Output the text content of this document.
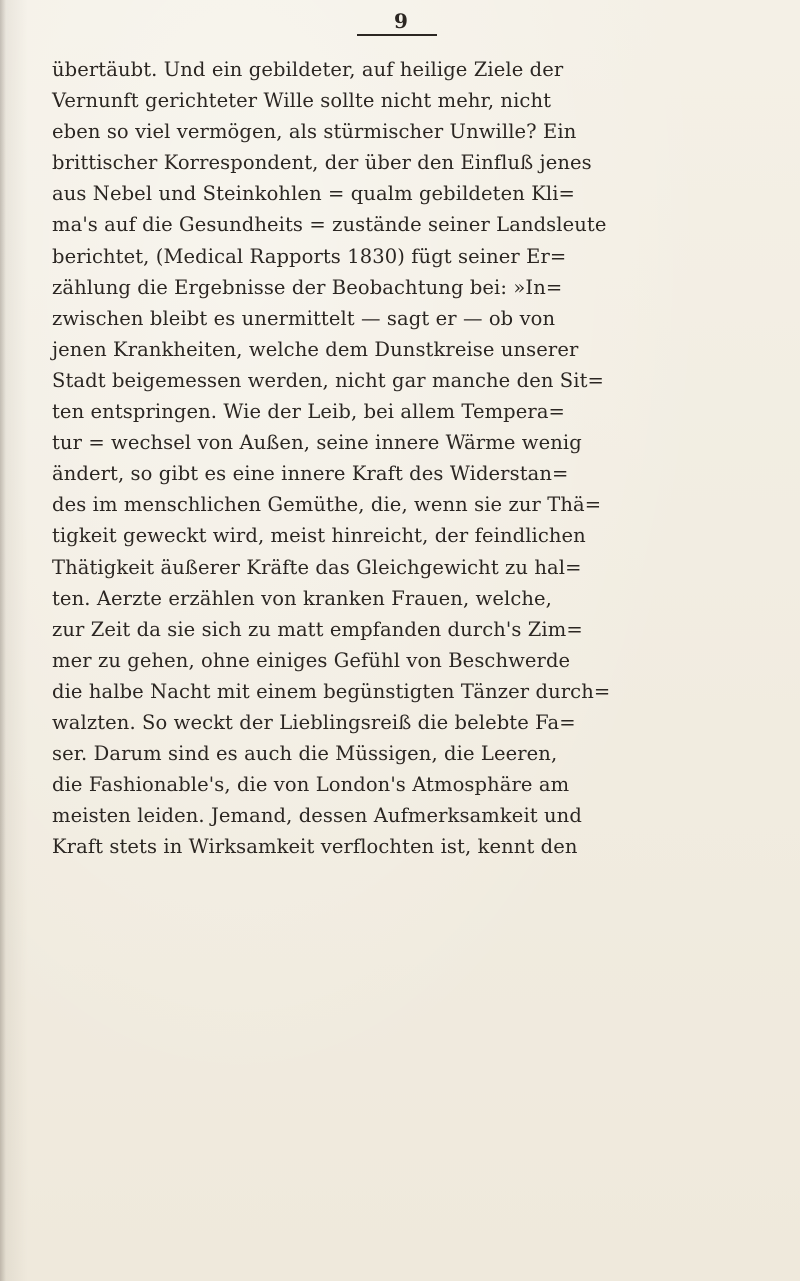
9
übertäubt. Und ein gebildeter, auf heilige Ziele der
Vernunft gerichteter Wille sollte nicht mehr, nicht
eben so viel vermögen, als stürmischer Unwille? Ein
brittischer Korrespondent, der über den Einfluß jenes
aus Nebel und Steinkohlen = qualm gebildeten Kli=
ma's auf die Gesundheits = zustände seiner Landsleute
berichtet, (Medical Rapports 1830) fügt seiner Er=
zählung die Ergebnisse der Beobachtung bei: »In=
zwischen bleibt es unermittelt — sagt er — ob von
jenen Krankheiten, welche dem Dunstkreise unserer
Stadt beigemessen werden, nicht gar manche den Sit=
ten entspringen. Wie der Leib, bei allem Tempera=
tur = wechsel von Außen, seine innere Wärme wenig
ändert, so gibt es eine innere Kraft des Widerstan=
des im menschlichen Gemüthe, die, wenn sie zur Thä=
tigkeit geweckt wird, meist hinreicht, der feindlichen
Thätigkeit äußerer Kräfte das Gleichgewicht zu hal=
ten. Aerzte erzählen von kranken Frauen, welche,
zur Zeit da sie sich zu matt empfanden durch's Zim=
mer zu gehen, ohne einiges Gefühl von Beschwerde
die halbe Nacht mit einem begünstigten Tänzer durch=
walzten. So weckt der Lieblingsreiß die belebte Fa=
ser. Darum sind es auch die Müssigen, die Leeren,
die Fashionable's, die von London's Atmosphäre am
meisten leiden. Jemand, dessen Aufmerksamkeit und
Kraft stets in Wirksamkeit verflochten ist, kennt den
